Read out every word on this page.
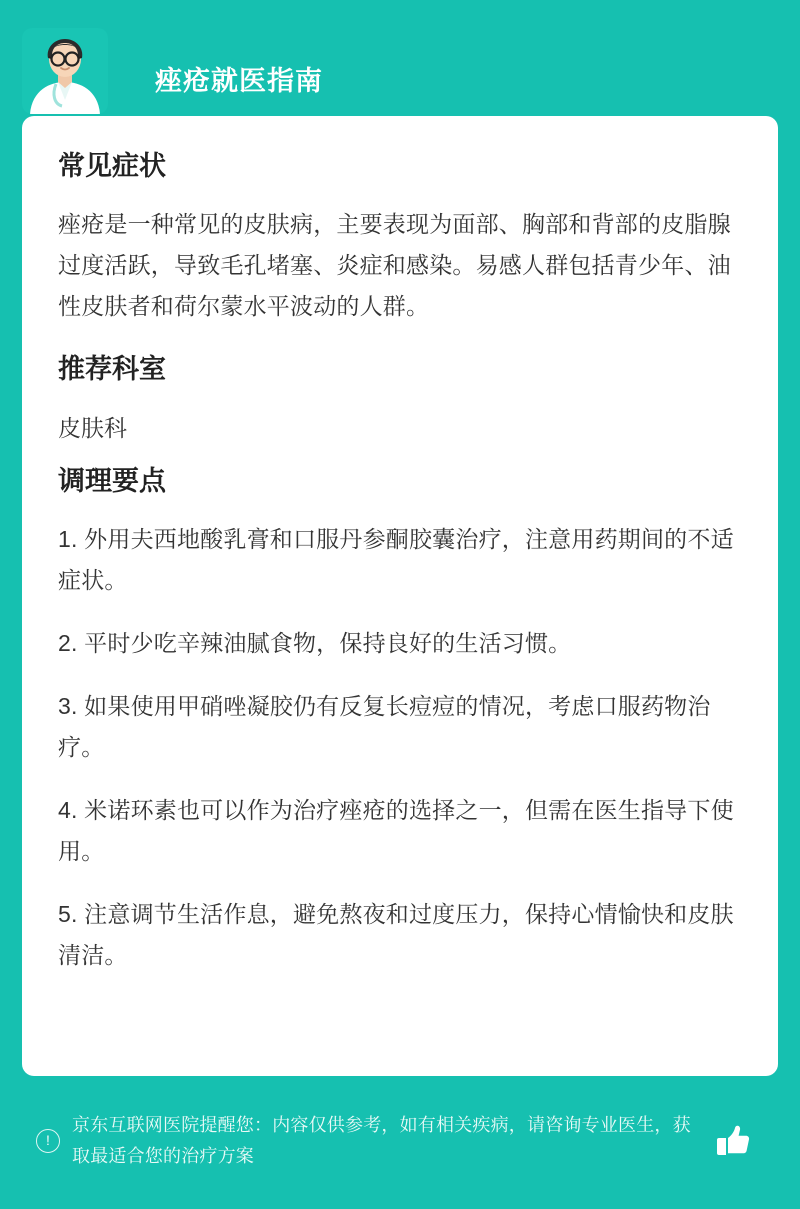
痤疮就医指南
常见症状

痤疮是一种常见的皮肤病，主要表现为面部、胸部和背部的皮脂腺过度活跃，导致毛孔堵塞、炎症和感染。易感人群包括青少年、油性皮肤者和荷尔蒙水平波动的人群。

推荐科室

皮肤科

调理要点

1. 外用夫西地酸乳膏和口服丹参酮胶囊治疗，注意用药期间的不适症状。

2. 平时少吃辛辣油腻食物，保持良好的生活习惯。

3. 如果使用甲硝唑凝胶仍有反复长痘痘的情况，考虑口服药物治疗。

4. 米诺环素也可以作为治疗痤疮的选择之一，但需在医生指导下使用。

5. 注意调节生活作息，避免熬夜和过度压力，保持心情愉快和皮肤清洁。

!
京东互联网医院提醒您：内容仅供参考，如有相关疾病，请咨询专业医生，获取最适合您的治疗方案
